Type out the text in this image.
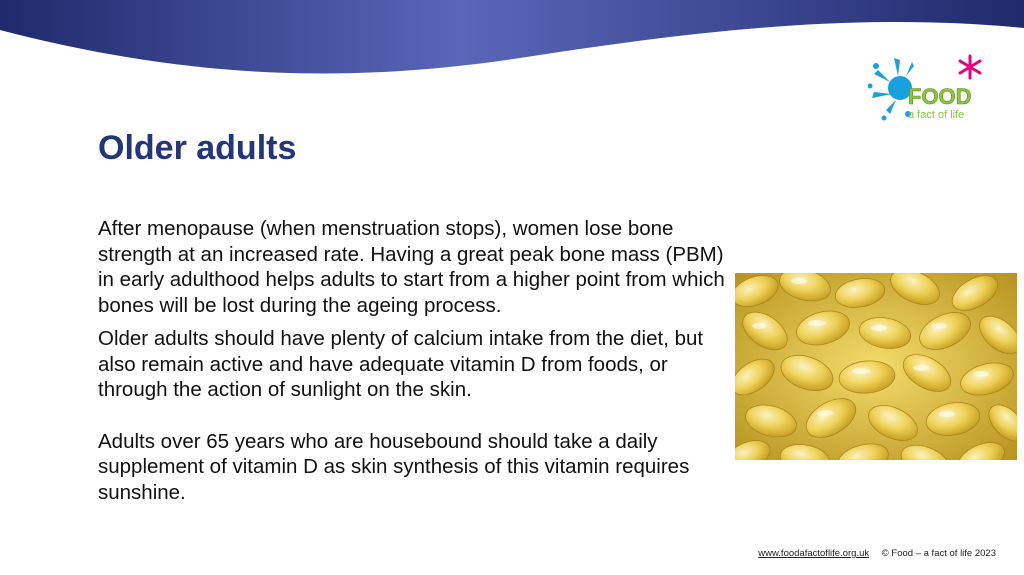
FOOD
a fact of life
Older adults

After menopause (when menstruation stops), women lose bone strength at an increased rate. Having a great peak bone mass (PBM) in early adulthood helps adults to start from a higher point from which bones will be lost during the ageing process.

Older adults should have plenty of calcium intake from the diet, but also remain active and have adequate vitamin D from foods, or through the action of sunlight on the skin.

Adults over 65 years who are housebound should take a daily supplement of vitamin D as skin synthesis of this vitamin requires sunshine.

www.foodafactoflife.org.uk © Food – a fact of life 2023
